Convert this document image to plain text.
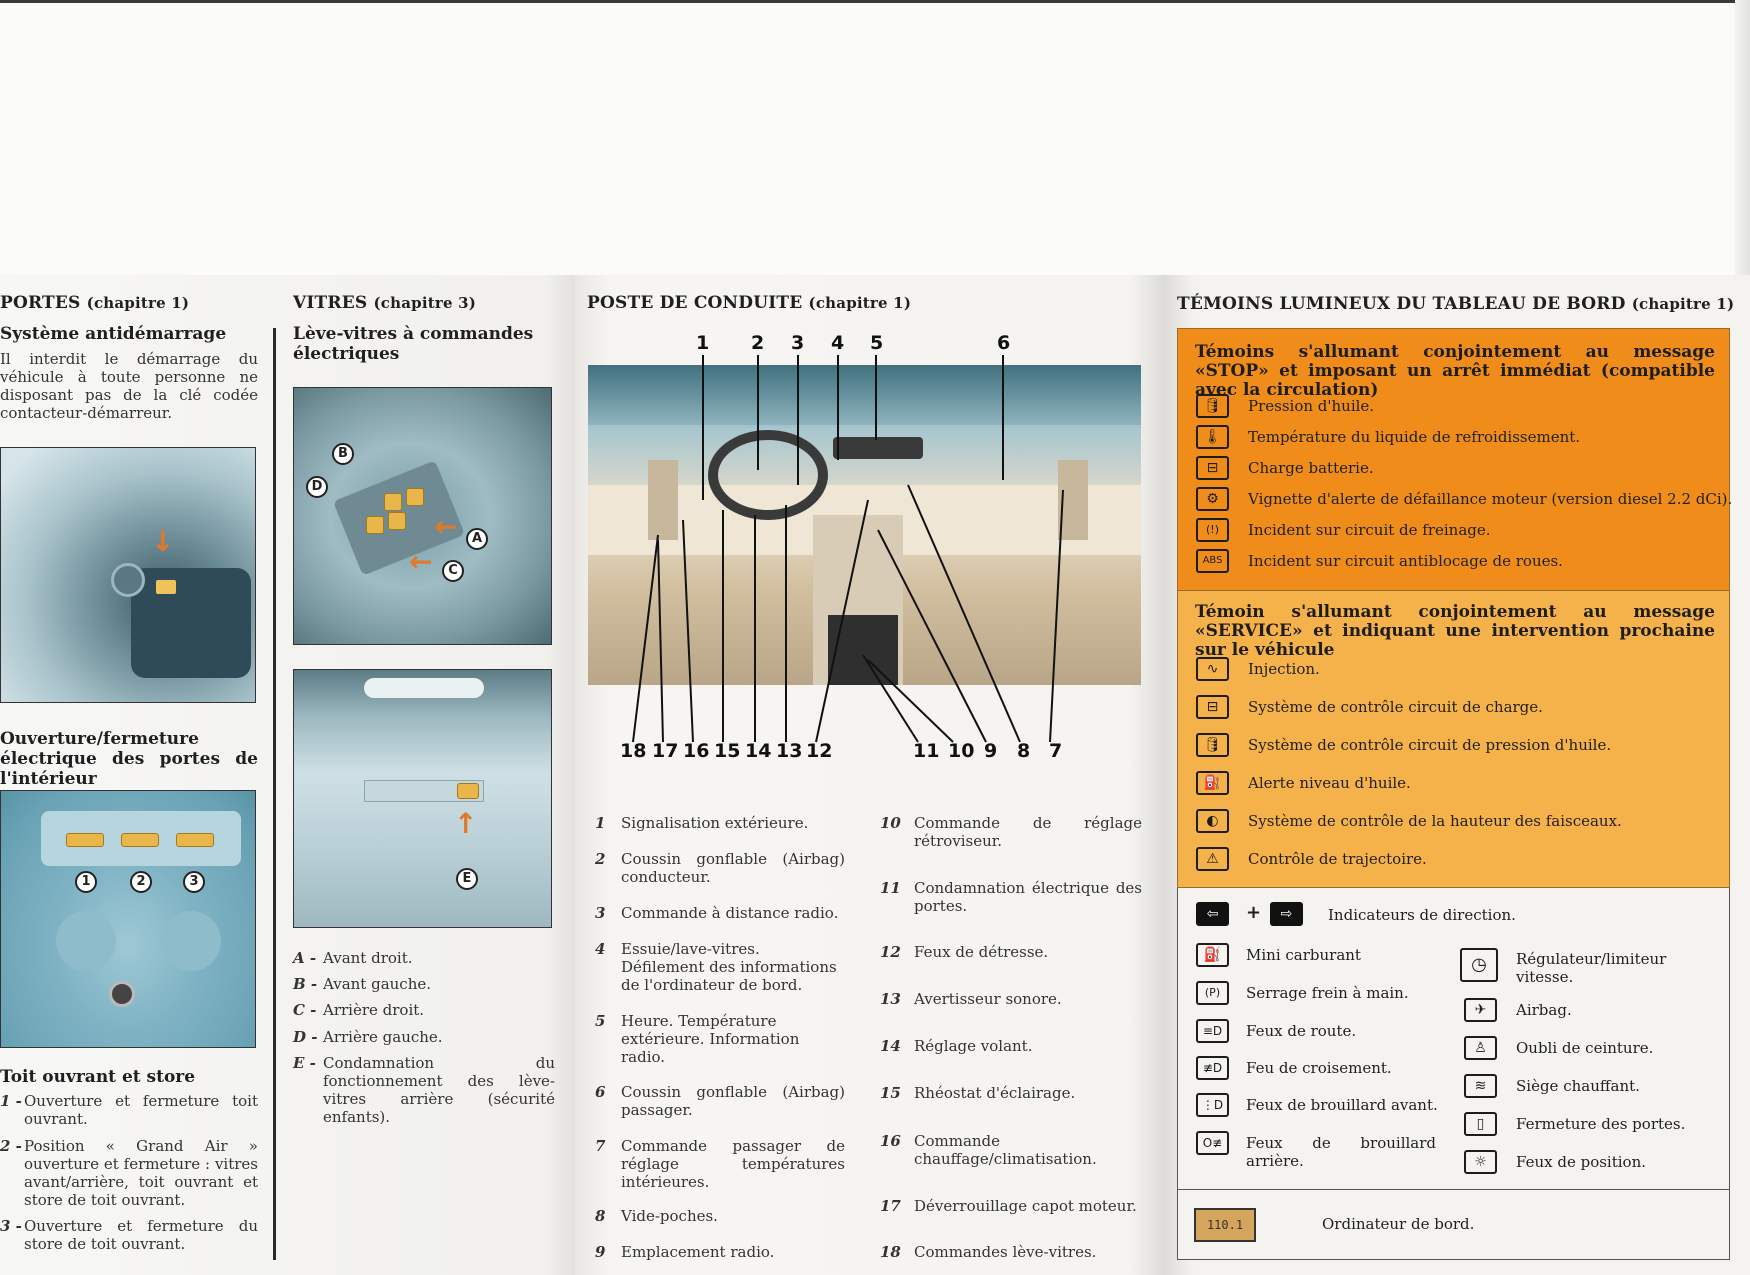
PORTES (chapitre 1)
Système antidémarrage
Il interdit le démarrage du véhicule à toute personne ne disposant pas de la clé codée contacteur-démarreur.
↓
Ouverture/fermeture électrique des portes de l'intérieur
1	2	3
Toit ouvrant et store
1 - Ouverture et fermeture toit ouvrant.
2 - Position « Grand Air » ouverture et fermeture : vitres avant/arrière, toit ouvrant et store de toit ouvrant.
3 - Ouverture et fermeture du store de toit ouvrant.
VITRES (chapitre 3)
Lève-vitres à commandes électriques
B
D
A
C
←
←
↑
E
A - Avant droit.
B - Avant gauche.
C - Arrière droit.
D - Arrière gauche.
E - Condamnation du fonctionnement des lève-vitres arrière (sécurité enfants).
POSTE DE CONDUITE (chapitre 1)
1 2 3 4 5	6
18 17 16 15 14 13 12	11 10 9 8 7
1 Signalisation extérieure.
2 Coussin gonflable (Airbag) conducteur.
3 Commande à distance radio.
4 Essuie/lave-vitres. Défilement des informations de l'ordinateur de bord.
5 Heure. Température extérieure. Information radio.
6 Coussin gonflable (Airbag) passager.
7 Commande passager de réglage températures intérieures.
8 Vide-poches.
9 Emplacement radio.
10 Commande de réglage rétroviseur.
11 Condamnation électrique des portes.
12 Feux de détresse.
13 Avertisseur sonore.
14 Réglage volant.
15 Rhéostat d'éclairage.
16 Commande chauffage/climatisation.
17 Déverrouillage capot moteur.
18 Commandes lève-vitres.
TÉMOINS LUMINEUX DU TABLEAU DE BORD (chapitre 1)
Témoins s'allumant conjointement au message «STOP» et imposant un arrêt immédiat (compatible avec la circulation)
🛢	Pression d'huile.
🌡	Température du liquide de refroidissement.
⊟	Charge batterie.
⚙	Vignette d'alerte de défaillance moteur (version diesel 2.2 dCi).
(!)	Incident sur circuit de freinage.
ABS	Incident sur circuit antiblocage de roues.
Témoin s'allumant conjointement au message «SERVICE» et indiquant une intervention prochaine sur le véhicule
∿	Injection.
⊟	Système de contrôle circuit de charge.
🛢	Système de contrôle circuit de pression d'huile.
⛽	Alerte niveau d'huile.
◐	Système de contrôle de la hauteur des faisceaux.
⚠	Contrôle de trajectoire.
⇦	+	⇨	Indicateurs de direction.
⛽	Mini carburant
(P)	Serrage frein à main.
≡D	Feux de route.
≢D	Feu de croisement.
⋮D	Feux de brouillard avant.
O≢	Feux de brouillard arrière.
◷	Régulateur/limiteur vitesse.
✈	Airbag.
♙	Oubli de ceinture.
≋	Siège chauffant.
▯	Fermeture des portes.
☼	Feux de position.
110.1	Ordinateur de bord.
